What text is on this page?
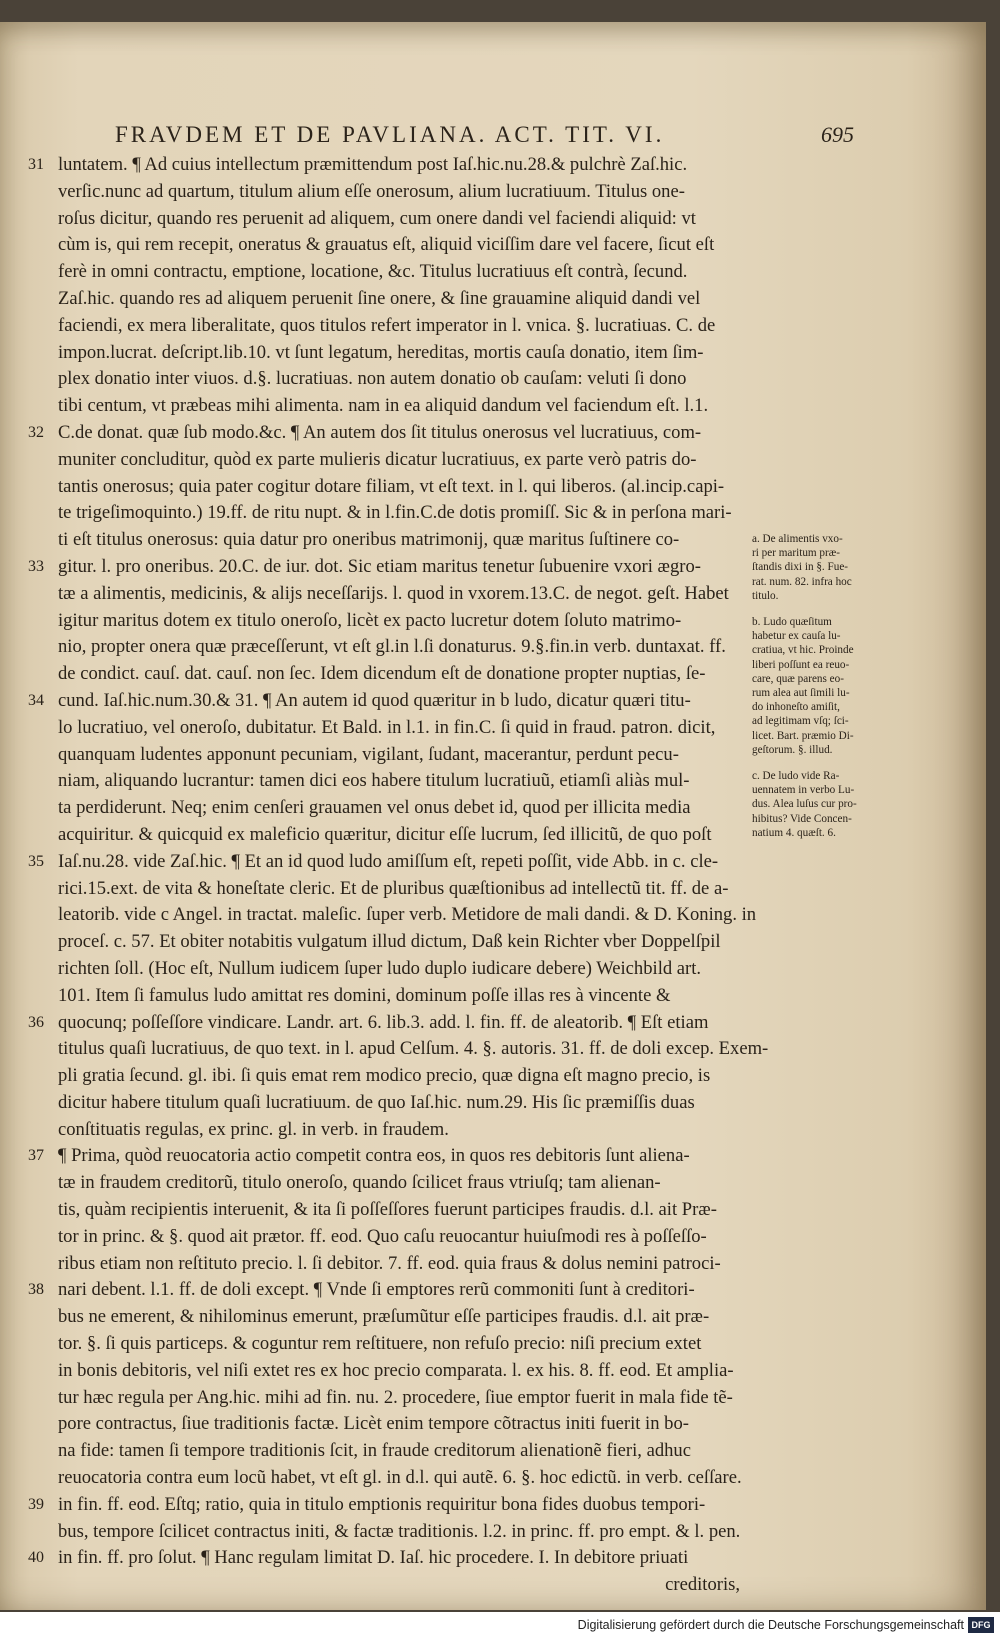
FRAVDEM ET DE PAVLIANA. ACT. TIT. VI.	695
31 luntatem. ¶ Ad cuius intellectum præmittendum post Iaſ.hic.nu.28.& pulchrè Zaſ.hic.
verſic.nunc ad quartum, titulum alium eſſe onerosum, alium lucratiuum. Titulus one-
roſus dicitur, quando res peruenit ad aliquem, cum onere dandi vel faciendi aliquid: vt
cùm is, qui rem recepit, oneratus & grauatus eſt, aliquid viciſſim dare vel facere, ſicut eſt
ferè in omni contractu, emptione, locatione, &c. Titulus lucratiuus eſt contrà, ſecund.
Zaſ.hic. quando res ad aliquem peruenit ſine onere, & ſine grauamine aliquid dandi vel
faciendi, ex mera liberalitate, quos titulos refert imperator in l. vnica. §. lucratiuas. C. de
impon.lucrat. deſcript.lib.10. vt ſunt legatum, hereditas, mortis cauſa donatio, item ſim-
plex donatio inter viuos. d.§. lucratiuas. non autem donatio ob cauſam: veluti ſi dono
tibi centum, vt præbeas mihi alimenta. nam in ea aliquid dandum vel faciendum eſt. l.1.
32 C.de donat. quæ ſub modo.&c. ¶ An autem dos ſit titulus onerosus vel lucratiuus, com-
muniter concluditur, quòd ex parte mulieris dicatur lucratiuus, ex parte verò patris do-
tantis onerosus; quia pater cogitur dotare filiam, vt eſt text. in l. qui liberos. (al.incip.capi-
te trigeſimoquinto.) 19.ff. de ritu nupt. & in l.fin.C.de dotis promiſſ. Sic & in perſona mari-
ti eſt titulus onerosus: quia datur pro oneribus matrimonij, quæ maritus ſuſtinere co-
33 gitur. l. pro oneribus. 20.C. de iur. dot. Sic etiam maritus tenetur ſubuenire vxori ægro-
tæ a alimentis, medicinis, & alijs neceſſarijs. l. quod in vxorem.13.C. de negot. geſt. Habet
igitur maritus dotem ex titulo oneroſo, licèt ex pacto lucretur dotem ſoluto matrimo-
nio, propter onera quæ præceſſerunt, vt eſt gl.in l.ſi donaturus. 9.§.fin.in verb. duntaxat. ff.
de condict. cauſ. dat. cauſ. non ſec. Idem dicendum eſt de donatione propter nuptias, ſe-
34 cund. Iaſ.hic.num.30.& 31. ¶ An autem id quod quæritur in b ludo, dicatur quæri titu-
lo lucratiuo, vel oneroſo, dubitatur. Et Bald. in l.1. in fin.C. ſi quid in fraud. patron. dicit,
quanquam ludentes apponunt pecuniam, vigilant, ſudant, macerantur, perdunt pecu-
niam, aliquando lucrantur: tamen dici eos habere titulum lucratiuũ, etiamſi aliàs mul-
ta perdiderunt. Neq; enim cenſeri grauamen vel onus debet id, quod per illicita media
acquiritur. & quicquid ex maleficio quæritur, dicitur eſſe lucrum, ſed illicitũ, de quo poſt
35 Iaſ.nu.28. vide Zaſ.hic. ¶ Et an id quod ludo amiſſum eſt, repeti poſſit, vide Abb. in c. cle-
rici.15.ext. de vita & honeſtate cleric. Et de pluribus quæſtionibus ad intellectũ tit. ff. de a-
leatorib. vide c Angel. in tractat. maleſic. ſuper verb. Metidore de mali dandi. & D. Koning. in
proceſ. c. 57. Et obiter notabitis vulgatum illud dictum, Daß kein Richter vber Doppelſpil
richten ſoll. (Hoc eſt, Nullum iudicem ſuper ludo duplo iudicare debere) Weichbild art.
101. Item ſi famulus ludo amittat res domini, dominum poſſe illas res à vincente &
36 quocunq; poſſeſſore vindicare. Landr. art. 6. lib.3. add. l. fin. ff. de aleatorib. ¶ Eſt etiam
titulus quaſi lucratiuus, de quo text. in l. apud Celſum. 4. §. autoris. 31. ff. de doli excep. Exem-
pli gratia ſecund. gl. ibi. ſi quis emat rem modico precio, quæ digna eſt magno precio, is
dicitur habere titulum quaſi lucratiuum. de quo Iaſ.hic. num.29. His ſic præmiſſis duas
conſtituatis regulas, ex princ. gl. in verb. in fraudem.
37 ¶ Prima, quòd reuocatoria actio competit contra eos, in quos res debitoris ſunt aliena-
tæ in fraudem creditorũ, titulo oneroſo, quando ſcilicet fraus vtriuſq; tam alienan-
tis, quàm recipientis interuenit, & ita ſi poſſeſſores fuerunt participes fraudis. d.l. ait Præ-
tor in princ. & §. quod ait prætor. ff. eod. Quo caſu reuocantur huiuſmodi res à poſſeſſo-
ribus etiam non reſtituto precio. l. ſi debitor. 7. ff. eod. quia fraus & dolus nemini patroci-
38 nari debent. l.1. ff. de doli except. ¶ Vnde ſi emptores rerũ commoniti ſunt à creditori-
bus ne emerent, & nihilominus emerunt, præſumũtur eſſe participes fraudis. d.l. ait præ-
tor. §. ſi quis particeps. & coguntur rem reſtituere, non refuſo precio: niſi precium extet
in bonis debitoris, vel niſi extet res ex hoc precio comparata. l. ex his. 8. ff. eod. Et amplia-
tur hæc regula per Ang.hic. mihi ad fin. nu. 2. procedere, ſiue emptor fuerit in mala fide tẽ-
pore contractus, ſiue traditionis factæ. Licèt enim tempore cõtractus initi fuerit in bo-
na fide: tamen ſi tempore traditionis ſcit, in fraude creditorum alienationẽ fieri, adhuc
reuocatoria contra eum locũ habet, vt eſt gl. in d.l. qui autẽ. 6. §. hoc edictũ. in verb. ceſſare.
39 in fin. ff. eod. Eſtq; ratio, quia in titulo emptionis requiritur bona fides duobus tempori-
bus, tempore ſcilicet contractus initi, & factæ traditionis. l.2. in princ. ff. pro empt. & l. pen.
40 in fin. ff. pro ſolut. ¶ Hanc regulam limitat D. Iaſ. hic procedere. I. In debitore priuati
creditoris,
a. De alimentis vxo-
ri per maritum præ-
ſtandis dixi in §. Fue-
rat. num. 82. infra hoc
titulo.
b. Ludo quæſitum
habetur ex cauſa lu-
cratiua, vt hic. Proinde
liberi poſſunt ea reuo-
care, quæ parens eo-
rum alea aut ſimili lu-
do inhoneſto amiſit,
ad legitimam vſq; ſci-
licet. Bart. præmio Di-
geſtorum. §. illud.
c. De ludo vide Ra-
uennatem in verbo Lu-
dus. Alea luſus cur pro-
hibitus? Vide Concen-
natium 4. quæſt. 6.
Digitalisierung gefördert durch die Deutsche Forschungsgemeinschaft DFG
